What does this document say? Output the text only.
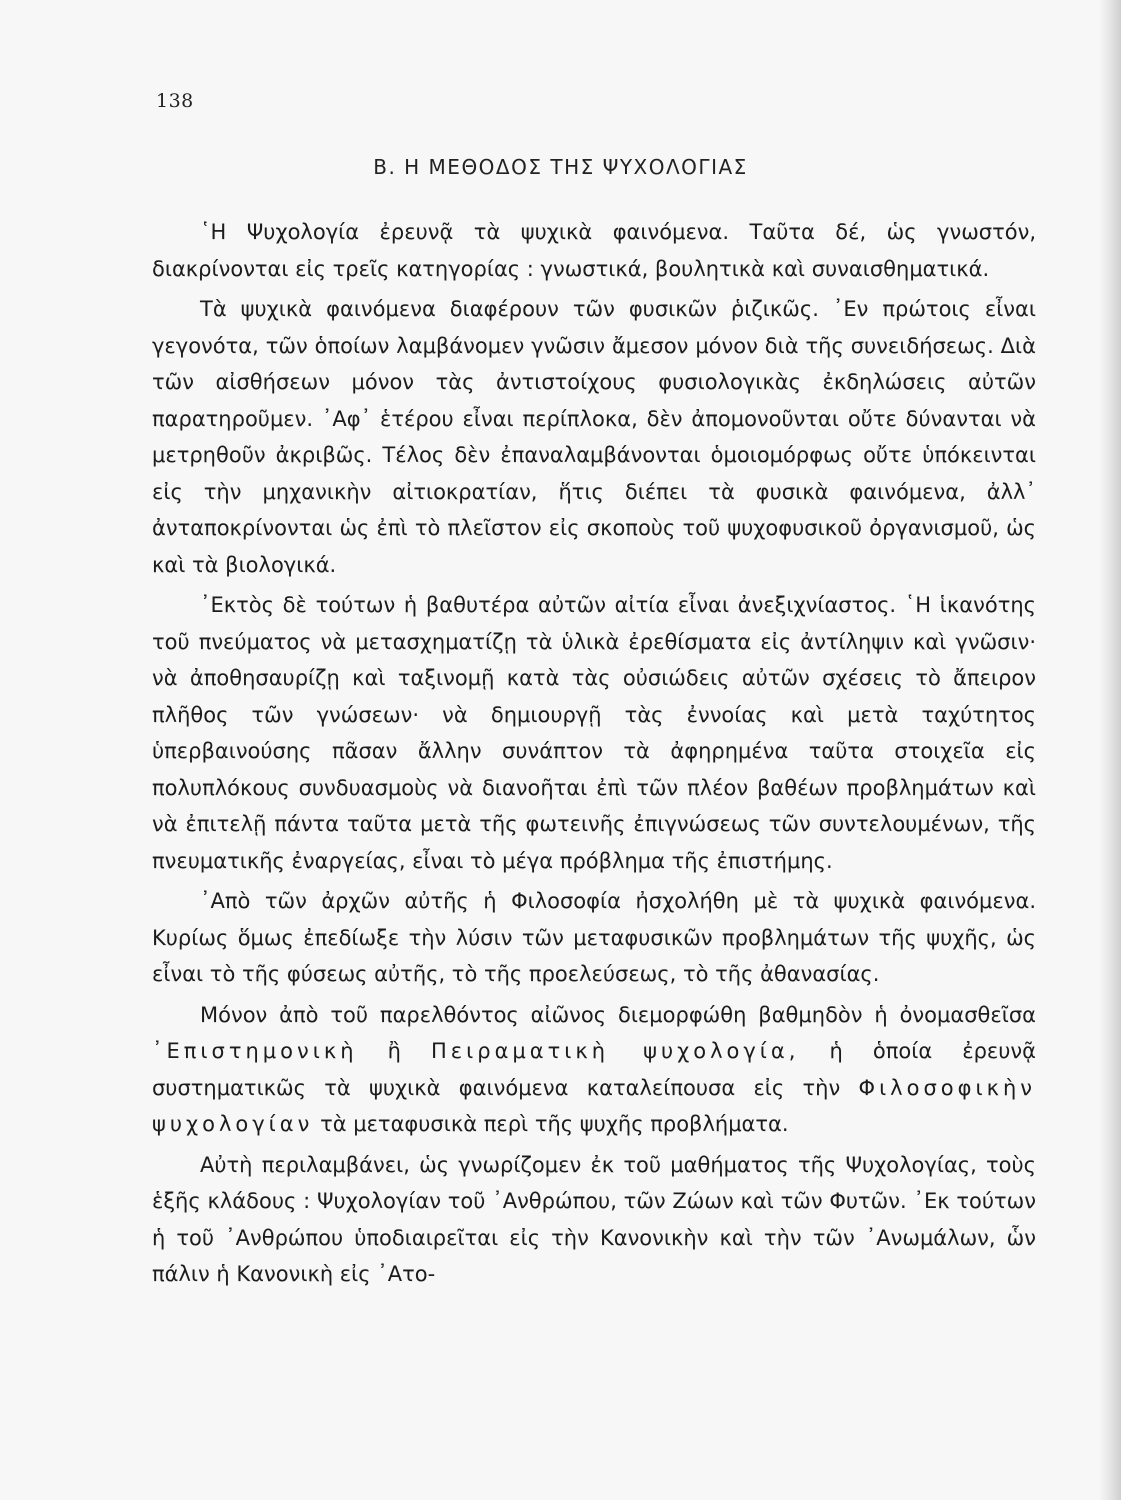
138
Β. Η ΜΕΘΟΔΟΣ ΤΗΣ ΨΥΧΟΛΟΓΙΑΣ

῾Η Ψυχολογία ἐρευνᾷ τὰ ψυχικὰ φαινόμενα. Ταῦτα δέ, ὡς γνωστόν, διακρίνονται εἰς τρεῖς κατηγορίας : γνωστικά, βουλητικὰ καὶ συναισθηματικά.

Τὰ ψυχικὰ φαινόμενα διαφέρουν τῶν φυσικῶν ῥιζικῶς. ᾿Εν πρώτοις εἶναι γεγονότα, τῶν ὁποίων λαμβάνομεν γνῶσιν ἄμεσον μόνον διὰ τῆς συνειδήσεως. Διὰ τῶν αἰσθήσεων μόνον τὰς ἀντιστοίχους φυσιολογικὰς ἐκδηλώσεις αὐτῶν παρατηροῦμεν. ᾿Αφ᾿ ἑτέρου εἶναι περίπλοκα, δὲν ἀπομονοῦνται οὔτε δύνανται νὰ μετρηθοῦν ἀκριβῶς. Τέλος δὲν ἐπαναλαμβάνονται ὁμοιομόρφως οὔτε ὑπόκεινται εἰς τὴν μηχανικὴν αἰτιοκρατίαν, ἥτις διέπει τὰ φυσικὰ φαινόμενα, ἀλλ᾿ ἀνταποκρίνονται ὡς ἐπὶ τὸ πλεῖστον εἰς σκοποὺς τοῦ ψυχοφυσικοῦ ὀργανισμοῦ, ὡς καὶ τὰ βιολογικά.

᾿Εκτὸς δὲ τούτων ἡ βαθυτέρα αὐτῶν αἰτία εἶναι ἀνεξιχνίαστος. ῾Η ἱκανότης τοῦ πνεύματος νὰ μετασχηματίζῃ τὰ ὑλικὰ ἐρεθίσματα εἰς ἀντίληψιν καὶ γνῶσιν· νὰ ἀποθησαυρίζῃ καὶ ταξινομῇ κατὰ τὰς οὐσιώδεις αὐτῶν σχέσεις τὸ ἄπειρον πλῆθος τῶν γνώσεων· νὰ δημιουργῇ τὰς ἐννοίας καὶ μετὰ ταχύτητος ὑπερβαινούσης πᾶσαν ἄλλην συνάπτον τὰ ἀφηρημένα ταῦτα στοιχεῖα εἰς πολυπλόκους συνδυασμοὺς νὰ διανοῆται ἐπὶ τῶν πλέον βαθέων προβλημάτων καὶ νὰ ἐπιτελῇ πάντα ταῦτα μετὰ τῆς φωτεινῆς ἐπιγνώσεως τῶν συντελουμένων, τῆς πνευματικῆς ἐναργείας, εἶναι τὸ μέγα πρόβλημα τῆς ἐπιστήμης.

᾿Απὸ τῶν ἀρχῶν αὐτῆς ἡ Φιλοσοφία ἠσχολήθη μὲ τὰ ψυχικὰ φαινόμενα. Κυρίως ὅμως ἐπεδίωξε τὴν λύσιν τῶν μεταφυσικῶν προβλημάτων τῆς ψυχῆς, ὡς εἶναι τὸ τῆς φύσεως αὐτῆς, τὸ τῆς προελεύσεως, τὸ τῆς ἀθανασίας.

Μόνον ἀπὸ τοῦ παρελθόντος αἰῶνος διεμορφώθη βαθμηδὸν ἡ ὀνομασθεῖσα ᾿Επιστημονικὴ ἢ Πειραματικὴ ψυχολογία, ἡ ὁποία ἐρευνᾷ συστηματικῶς τὰ ψυχικὰ φαινόμενα καταλείπουσα εἰς τὴν Φιλοσοφικὴν ψυχολογίαν τὰ μεταφυσικὰ περὶ τῆς ψυχῆς προβλήματα.

Αὐτὴ περιλαμβάνει, ὡς γνωρίζομεν ἐκ τοῦ μαθήματος τῆς Ψυχολογίας, τοὺς ἑξῆς κλάδους : Ψυχολογίαν τοῦ ᾿Ανθρώπου, τῶν Ζώων καὶ τῶν Φυτῶν. ᾿Εκ τούτων ἡ τοῦ ᾿Ανθρώπου ὑποδιαιρεῖται εἰς τὴν Κανονικὴν καὶ τὴν τῶν ᾿Ανωμάλων, ὧν πάλιν ἡ Κανονικὴ εἰς ᾿Ατο-
